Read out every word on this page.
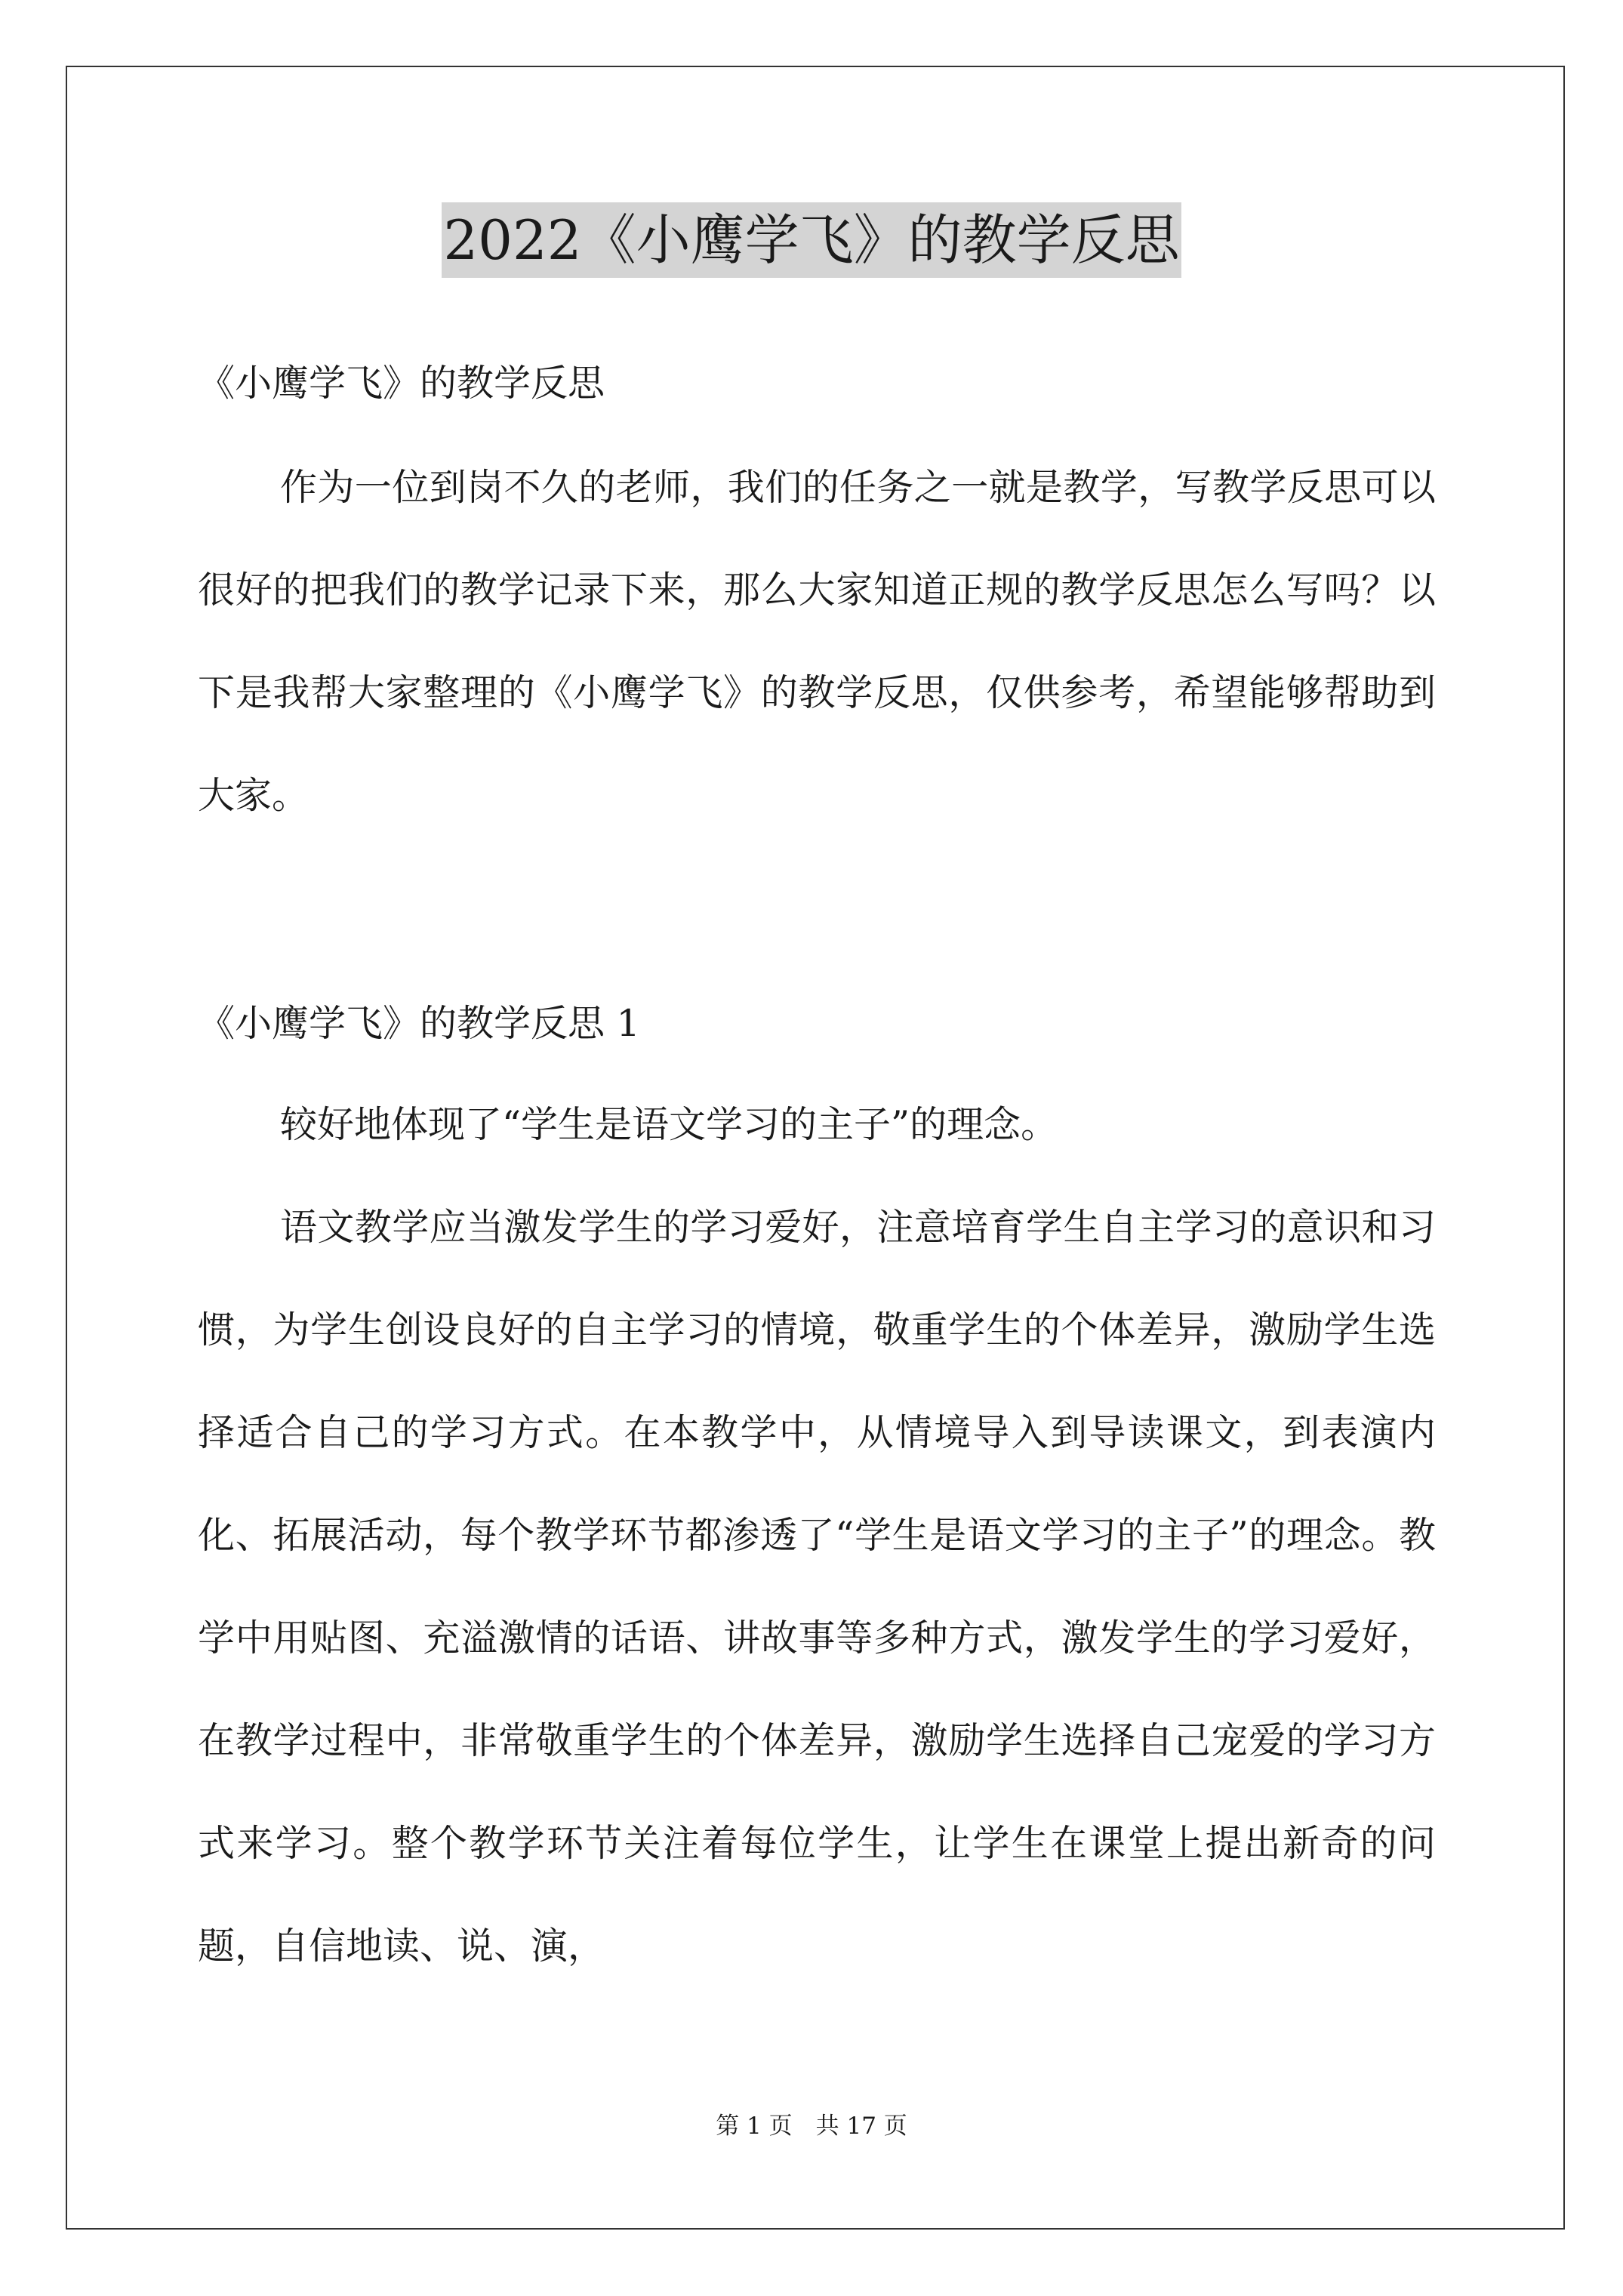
2022《小鹰学飞》的教学反思
《小鹰学飞》的教学反思

作为一位到岗不久的老师，我们的任务之一就是教学，写教学反思可以很好的把我们的教学记录下来，那么大家知道正规的教学反思怎么写吗？以下是我帮大家整理的《小鹰学飞》的教学反思，仅供参考，希望能够帮助到大家。

《小鹰学飞》的教学反思 1

较好地体现了“学生是语文学习的主子”的理念。

语文教学应当激发学生的学习爱好，注意培育学生自主学习的意识和习惯，为学生创设良好的自主学习的情境，敬重学生的个体差异，激励学生选择适合自己的学习方式。在本教学中，从情境导入到导读课文，到表演内化、拓展活动，每个教学环节都渗透了“学生是语文学习的主子”的理念。教学中用贴图、充溢激情的话语、讲故事等多种方式，激发学生的学习爱好，在教学过程中，非常敬重学生的个体差异，激励学生选择自己宠爱的学习方式来学习。整个教学环节关注着每位学生，让学生在课堂上提出新奇的问题，自信地读、说、演，

第 1 页　共 17 页
